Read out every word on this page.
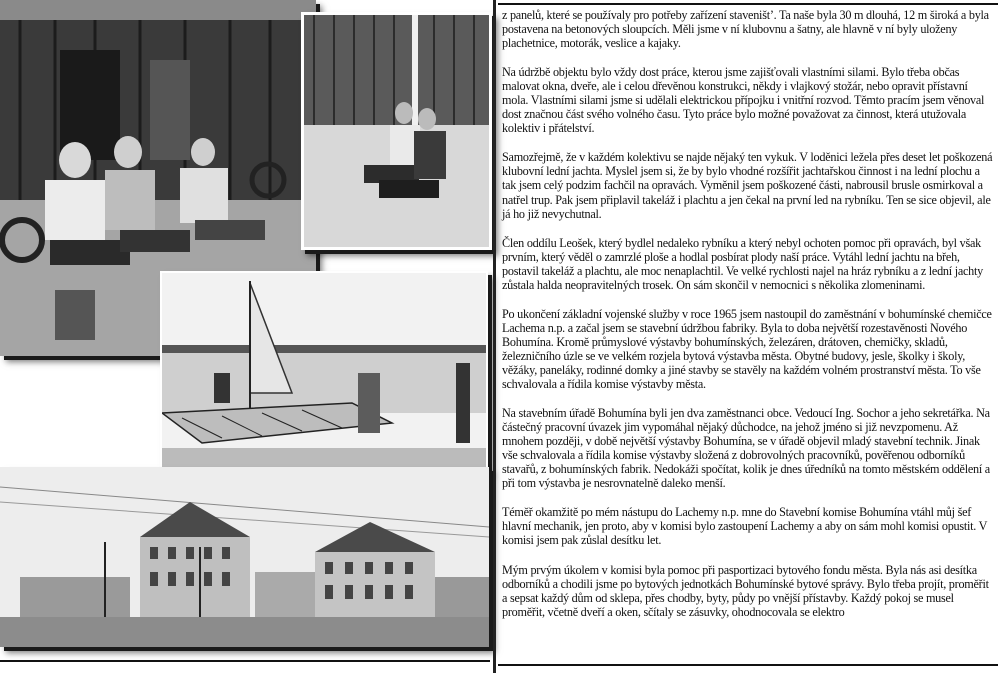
z panelů, které se používaly pro potřeby zařízení staveništ’. Ta naše byla 30 m dlouhá, 12 m široká a byla postavena na betonových sloupcích. Měli jsme v ní klubovnu a šatny, ale hlavně v ní byly uloženy plachetnice, motorák, veslice a kajaky.

Na údržbě objektu bylo vždy dost práce, kterou jsme zajišťovali vlastními silami. Bylo třeba občas malovat okna, dveře, ale i celou dřevěnou konstrukci, někdy i vlajkový stožár, nebo opravit přístavní mola. Vlastními silami jsme si udělali elektrickou přípojku i vnitřní rozvod. Těmto pracím jsem věnoval dost značnou část svého volného času. Tyto práce bylo možné považovat za činnost, která utužovala kolektiv i přátelství.

Samozřejmě, že v každém kolektivu se najde nějaký ten vykuk. V loděnici ležela přes deset let poškozená klubovní lední jachta. Myslel jsem si, že by bylo vhodné rozšířit jachtařskou činnost i na lední plochu a tak jsem celý podzim fachčil na opravách. Vyměnil jsem poškozené části, nabrousil brusle osmirkoval a natřel trup. Pak jsem připlavil takeláž i plachtu a jen čekal na první led na rybníku. Ten se sice objevil, ale já ho již nevychutnal.

Člen oddílu Leošek, který bydlel nedaleko rybníku a který nebyl ochoten pomoc při opravách, byl však prvním, který věděl o zamrzlé ploše a hodlal posbírat plody naší práce. Vytáhl lední jachtu na břeh, postavil takeláž a plachtu, ale moc nenaplachtil. Ve velké rychlosti najel na hráz rybníku a z lední jachty zůstala halda neopravitelných trosek. On sám skončil v nemocnici s několika zlomeninami.

Po ukončení základní vojenské služby v roce 1965 jsem nastoupil do zaměstnání v bohumínské chemičce Lachema n.p. a začal jsem se stavební údržbou fabriky. Byla to doba největší rozestavěnosti Nového Bohumína. Kromě průmyslové výstavby bohumínských, železáren, drátoven, chemičky, skladů, železničního úzle se ve velkém rozjela bytová výstavba města. Obytné budovy, jesle, školky i školy, věžáky, paneláky, rodinné domky a jiné stavby se stavěly na každém volném prostranství města. To vše schvalovala a řídila komise výstavby města.

Na stavebním úřadě Bohumína byli jen dva zaměstnanci obce. Vedoucí Ing. Sochor a jeho sekretářka. Na částečný pracovní úvazek jim vypomáhal nějaký důchodce, na jehož jméno si již nevzpomenu. Až mnohem později, v době největší výstavby Bohumína, se v úřadě objevil mladý stavební technik. Jinak vše schvalovala a řídila komise výstavby složená z dobrovolných pracovníků, pověřenou odborníků stavařů, z bohumínských fabrik. Nedokáži spočítat, kolik je dnes úředníků na tomto městském oddělení a při tom výstavba je nesrovnatelně daleko menší.

Téměř okamžitě po mém nástupu do Lachemy n.p. mne do Stavební komise Bohumína vtáhl můj šef hlavní mechanik, jen proto, aby v komisi bylo zastoupení Lachemy a aby on sám mohl komisi opustit. V komisi jsem pak zůslal desítku let.

Mým prvým úkolem v komisi byla pomoc při pasportizaci bytového fondu města. Byla nás asi desítka odborníků a chodili jsme po bytových jednotkách Bohumínské bytové správy. Bylo třeba projít, proměřit a sepsat každý dům od sklepa, přes chodby, byty, půdy po vnější přístavby. Každý pokoj se musel proměřit, včetně dveří a oken, sčítaly se zásuvky, ohodnocovala se elektro
